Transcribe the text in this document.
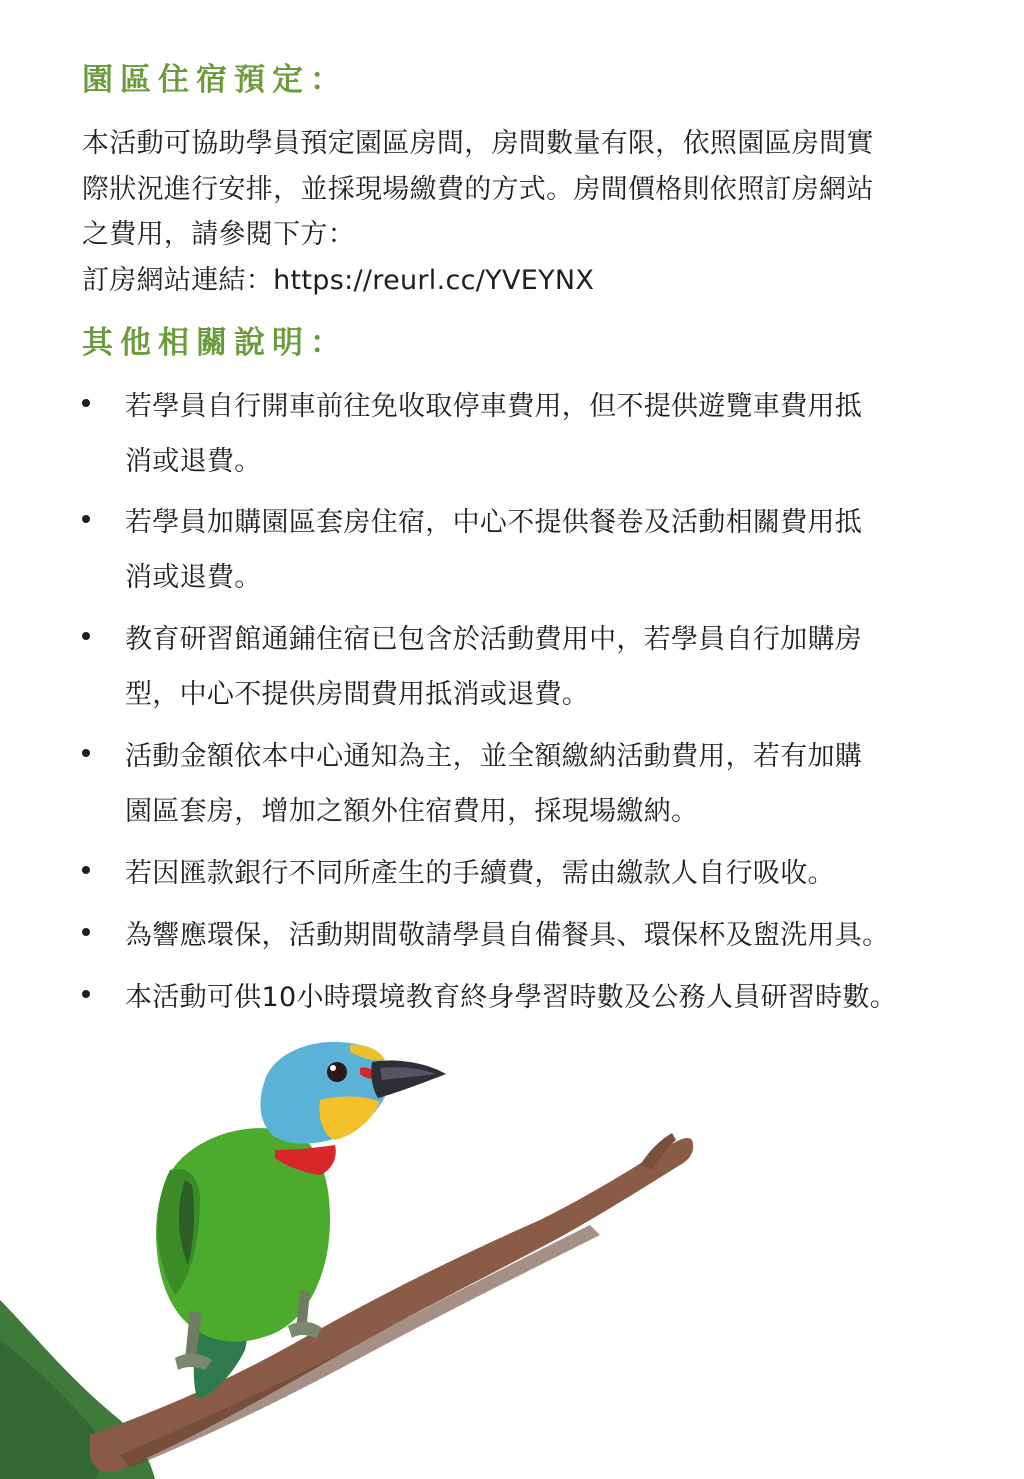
園區住宿預定：

本活動可協助學員預定園區房間，房間數量有限，依照園區房間實
際狀況進行安排，並採現場繳費的方式。房間價格則依照訂房網站
之費用，請參閱下方：
訂房網站連結：https://reurl.cc/YVEYNX

其他相關說明：
若學員自行開車前往免收取停車費用，但不提供遊覽車費用抵
消或退費。
若學員加購園區套房住宿，中心不提供餐卷及活動相關費用抵
消或退費。
教育研習館通鋪住宿已包含於活動費用中，若學員自行加購房
型，中心不提供房間費用抵消或退費。
活動金額依本中心通知為主，並全額繳納活動費用，若有加購
園區套房，增加之額外住宿費用，採現場繳納。
若因匯款銀行不同所產生的手續費，需由繳款人自行吸收。
為響應環保，活動期間敬請學員自備餐具、環保杯及盥洗用具。
本活動可供10小時環境教育終身學習時數及公務人員研習時數。
